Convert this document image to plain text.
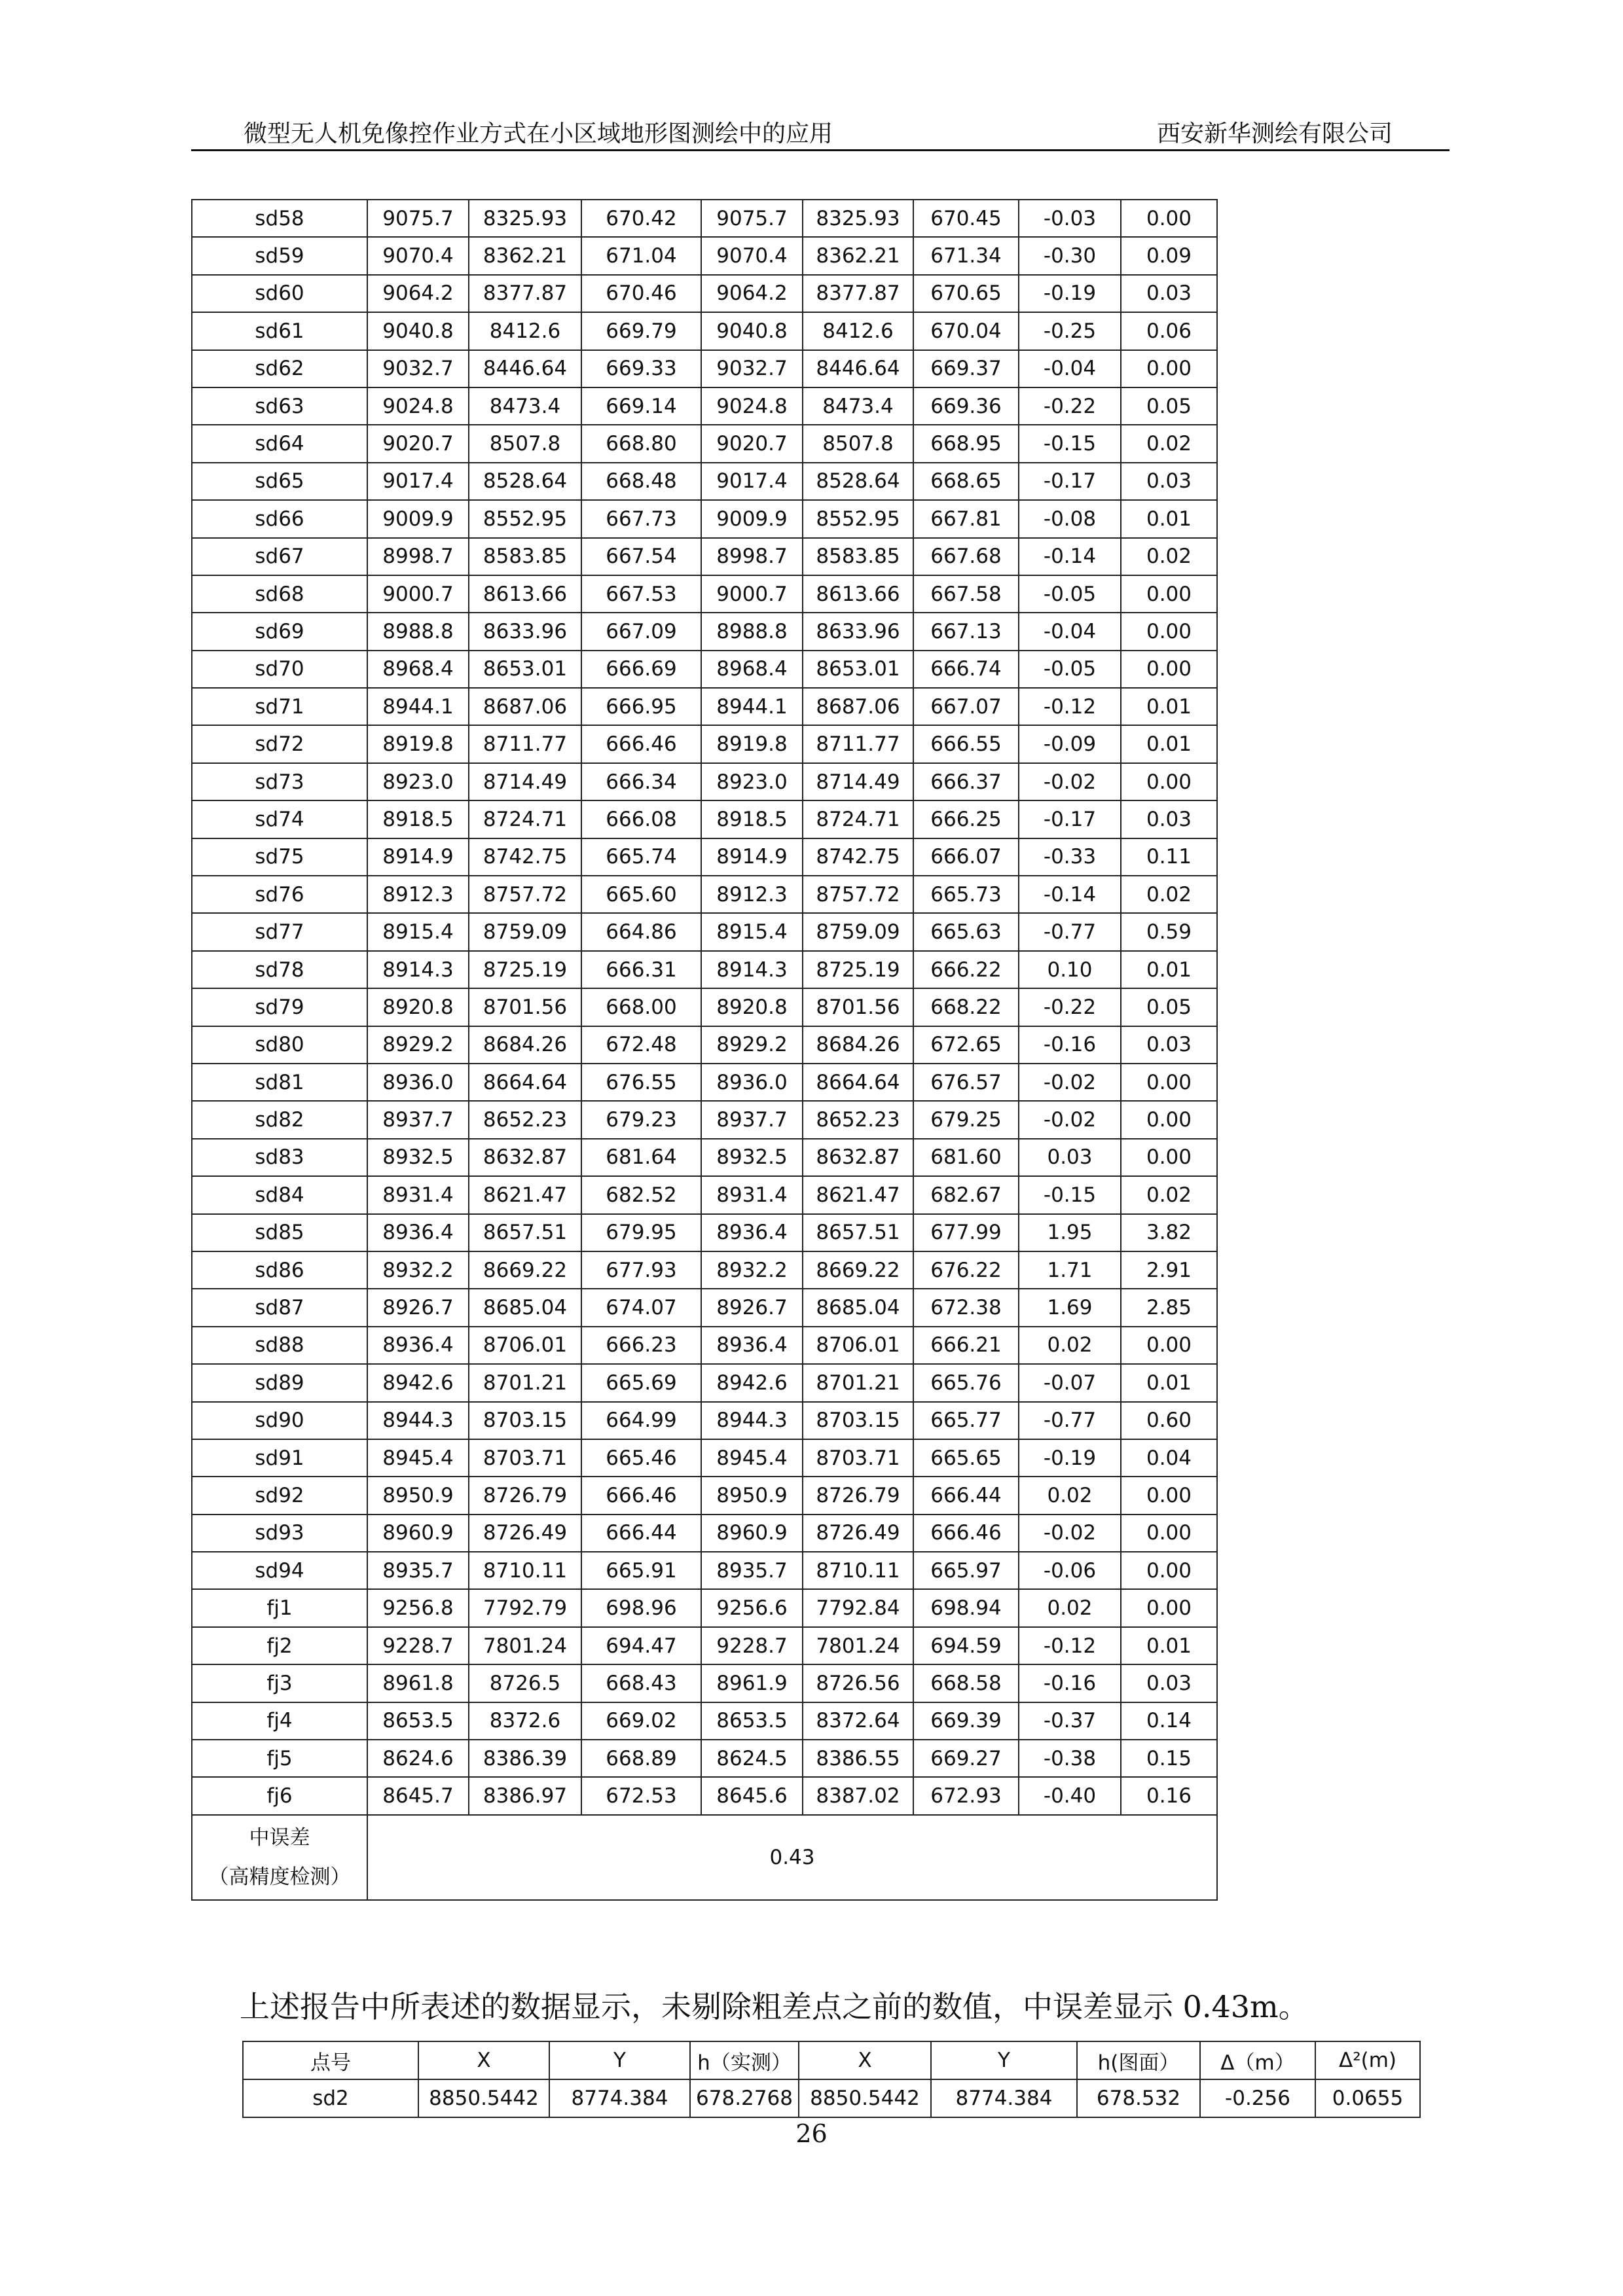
微型无人机免像控作业方式在小区域地形图测绘中的应用	西安新华测绘有限公司
sd58	9075.7	8325.93	670.42	9075.7	8325.93	670.45	-0.03	0.00
sd59	9070.4	8362.21	671.04	9070.4	8362.21	671.34	-0.30	0.09
sd60	9064.2	8377.87	670.46	9064.2	8377.87	670.65	-0.19	0.03
sd61	9040.8	8412.6	669.79	9040.8	8412.6	670.04	-0.25	0.06
sd62	9032.7	8446.64	669.33	9032.7	8446.64	669.37	-0.04	0.00
sd63	9024.8	8473.4	669.14	9024.8	8473.4	669.36	-0.22	0.05
sd64	9020.7	8507.8	668.80	9020.7	8507.8	668.95	-0.15	0.02
sd65	9017.4	8528.64	668.48	9017.4	8528.64	668.65	-0.17	0.03
sd66	9009.9	8552.95	667.73	9009.9	8552.95	667.81	-0.08	0.01
sd67	8998.7	8583.85	667.54	8998.7	8583.85	667.68	-0.14	0.02
sd68	9000.7	8613.66	667.53	9000.7	8613.66	667.58	-0.05	0.00
sd69	8988.8	8633.96	667.09	8988.8	8633.96	667.13	-0.04	0.00
sd70	8968.4	8653.01	666.69	8968.4	8653.01	666.74	-0.05	0.00
sd71	8944.1	8687.06	666.95	8944.1	8687.06	667.07	-0.12	0.01
sd72	8919.8	8711.77	666.46	8919.8	8711.77	666.55	-0.09	0.01
sd73	8923.0	8714.49	666.34	8923.0	8714.49	666.37	-0.02	0.00
sd74	8918.5	8724.71	666.08	8918.5	8724.71	666.25	-0.17	0.03
sd75	8914.9	8742.75	665.74	8914.9	8742.75	666.07	-0.33	0.11
sd76	8912.3	8757.72	665.60	8912.3	8757.72	665.73	-0.14	0.02
sd77	8915.4	8759.09	664.86	8915.4	8759.09	665.63	-0.77	0.59
sd78	8914.3	8725.19	666.31	8914.3	8725.19	666.22	0.10	0.01
sd79	8920.8	8701.56	668.00	8920.8	8701.56	668.22	-0.22	0.05
sd80	8929.2	8684.26	672.48	8929.2	8684.26	672.65	-0.16	0.03
sd81	8936.0	8664.64	676.55	8936.0	8664.64	676.57	-0.02	0.00
sd82	8937.7	8652.23	679.23	8937.7	8652.23	679.25	-0.02	0.00
sd83	8932.5	8632.87	681.64	8932.5	8632.87	681.60	0.03	0.00
sd84	8931.4	8621.47	682.52	8931.4	8621.47	682.67	-0.15	0.02
sd85	8936.4	8657.51	679.95	8936.4	8657.51	677.99	1.95	3.82
sd86	8932.2	8669.22	677.93	8932.2	8669.22	676.22	1.71	2.91
sd87	8926.7	8685.04	674.07	8926.7	8685.04	672.38	1.69	2.85
sd88	8936.4	8706.01	666.23	8936.4	8706.01	666.21	0.02	0.00
sd89	8942.6	8701.21	665.69	8942.6	8701.21	665.76	-0.07	0.01
sd90	8944.3	8703.15	664.99	8944.3	8703.15	665.77	-0.77	0.60
sd91	8945.4	8703.71	665.46	8945.4	8703.71	665.65	-0.19	0.04
sd92	8950.9	8726.79	666.46	8950.9	8726.79	666.44	0.02	0.00
sd93	8960.9	8726.49	666.44	8960.9	8726.49	666.46	-0.02	0.00
sd94	8935.7	8710.11	665.91	8935.7	8710.11	665.97	-0.06	0.00
fj1	9256.8	7792.79	698.96	9256.6	7792.84	698.94	0.02	0.00
fj2	9228.7	7801.24	694.47	9228.7	7801.24	694.59	-0.12	0.01
fj3	8961.8	8726.5	668.43	8961.9	8726.56	668.58	-0.16	0.03
fj4	8653.5	8372.6	669.02	8653.5	8372.64	669.39	-0.37	0.14
fj5	8624.6	8386.39	668.89	8624.5	8386.55	669.27	-0.38	0.15
fj6	8645.7	8386.97	672.53	8645.6	8387.02	672.93	-0.40	0.16

中误差
（高精度检测）	0.43							
上述报告中所表述的数据显示，未剔除粗差点之前的数值，中误差显示 0.43m。
点号	X	Y	h（实测）	X	Y	h(图面）	Δ（m）	Δ²(m)
sd2	8850.5442	8774.384	678.2768	8850.5442	8774.384	678.532	-0.256	0.0655
26
